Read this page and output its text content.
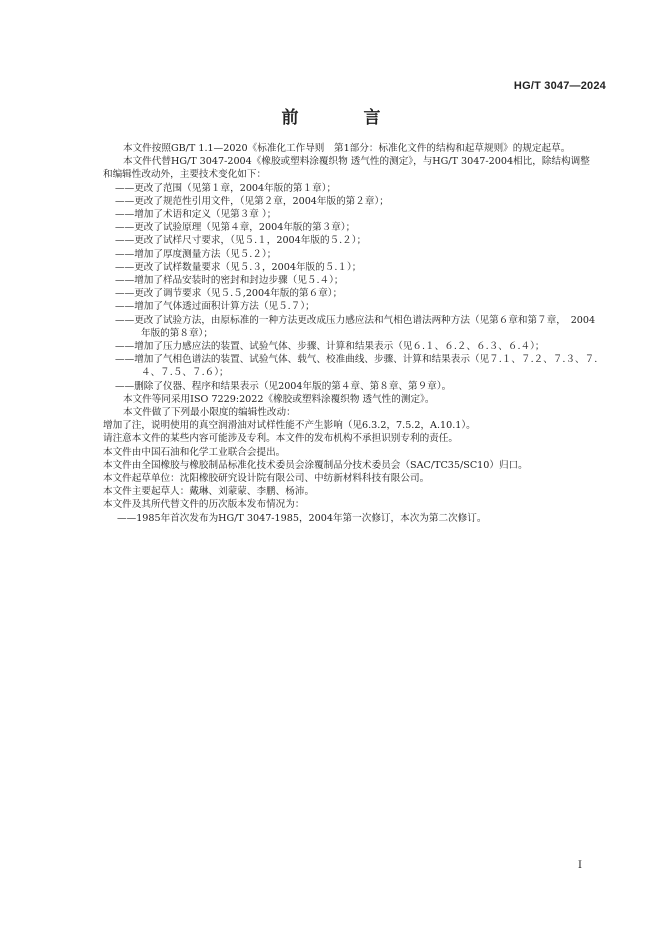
HG/T 3047—2024
前　言

本文件按照GB/T 1.1—2020《标准化工作导则　第1部分：标准化文件的结构和起草规则》的规定起草。

本文件代替HG/T 3047-2004《橡胶或塑料涂覆织物 透气性的测定》，与HG/T 3047-2004相比，除结构调整和编辑性改动外，主要技术变化如下：

——更改了范围（见第１章，2004年版的第１章）；

——更改了规范性引用文件，（见第２章，2004年版的第２章）；

——增加了术语和定义（见第３章 ）；

——更改了试验原理（见第４章，2004年版的第３章）；

——更改了试样尺寸要求，（见５.１，2004年版的５.２）；

——增加了厚度测量方法（见５.２）；

——更改了试样数量要求（见５.３，2004年版的５.１）；

——增加了样品安装时的密封和封边步骤（见５.４）；

——更改了调节要求（见５.５,2004年版的第６章）；

——增加了气体透过面积计算方法（见５.７）；

——更改了试验方法，由原标准的一种方法更改成压力感应法和气相色谱法两种方法（见第６章和第７章，　2004年版的第８章）；

——增加了压力感应法的装置、试验气体、步骤、计算和结果表示（见６.１、６.２、６.３、６.４）；

——增加了气相色谱法的装置、试验气体、载气、校准曲线、步骤、计算和结果表示（见７.１、７.２、７.３、７.４、７.５、７.６）；

——删除了仪器、程序和结果表示（见2004年版的第４章、第８章、第９章）。

本文件等同采用ISO 7229:2022《橡胶或塑料涂覆织物 透气性的测定》。

本文件做了下列最小限度的编辑性改动：

增加了注，说明使用的真空润滑油对试样性能不产生影响（见6.3.2，7.5.2，A.10.1）。

请注意本文件的某些内容可能涉及专利。本文件的发布机构不承担识别专利的责任。

本文件由中国石油和化学工业联合会提出。

本文件由全国橡胶与橡胶制品标准化技术委员会涂覆制品分技术委员会（SAC/TC35/SC10）归口。

本文件起草单位：沈阳橡胶研究设计院有限公司、中纺新材料科技有限公司。

本文件主要起草人：戴琳、刘蒙蒙、李鹏、杨沛。

本文件及其所代替文件的历次版本发布情况为：

——1985年首次发布为HG/T 3047-1985，2004年第一次修订，本次为第二次修订。

I
